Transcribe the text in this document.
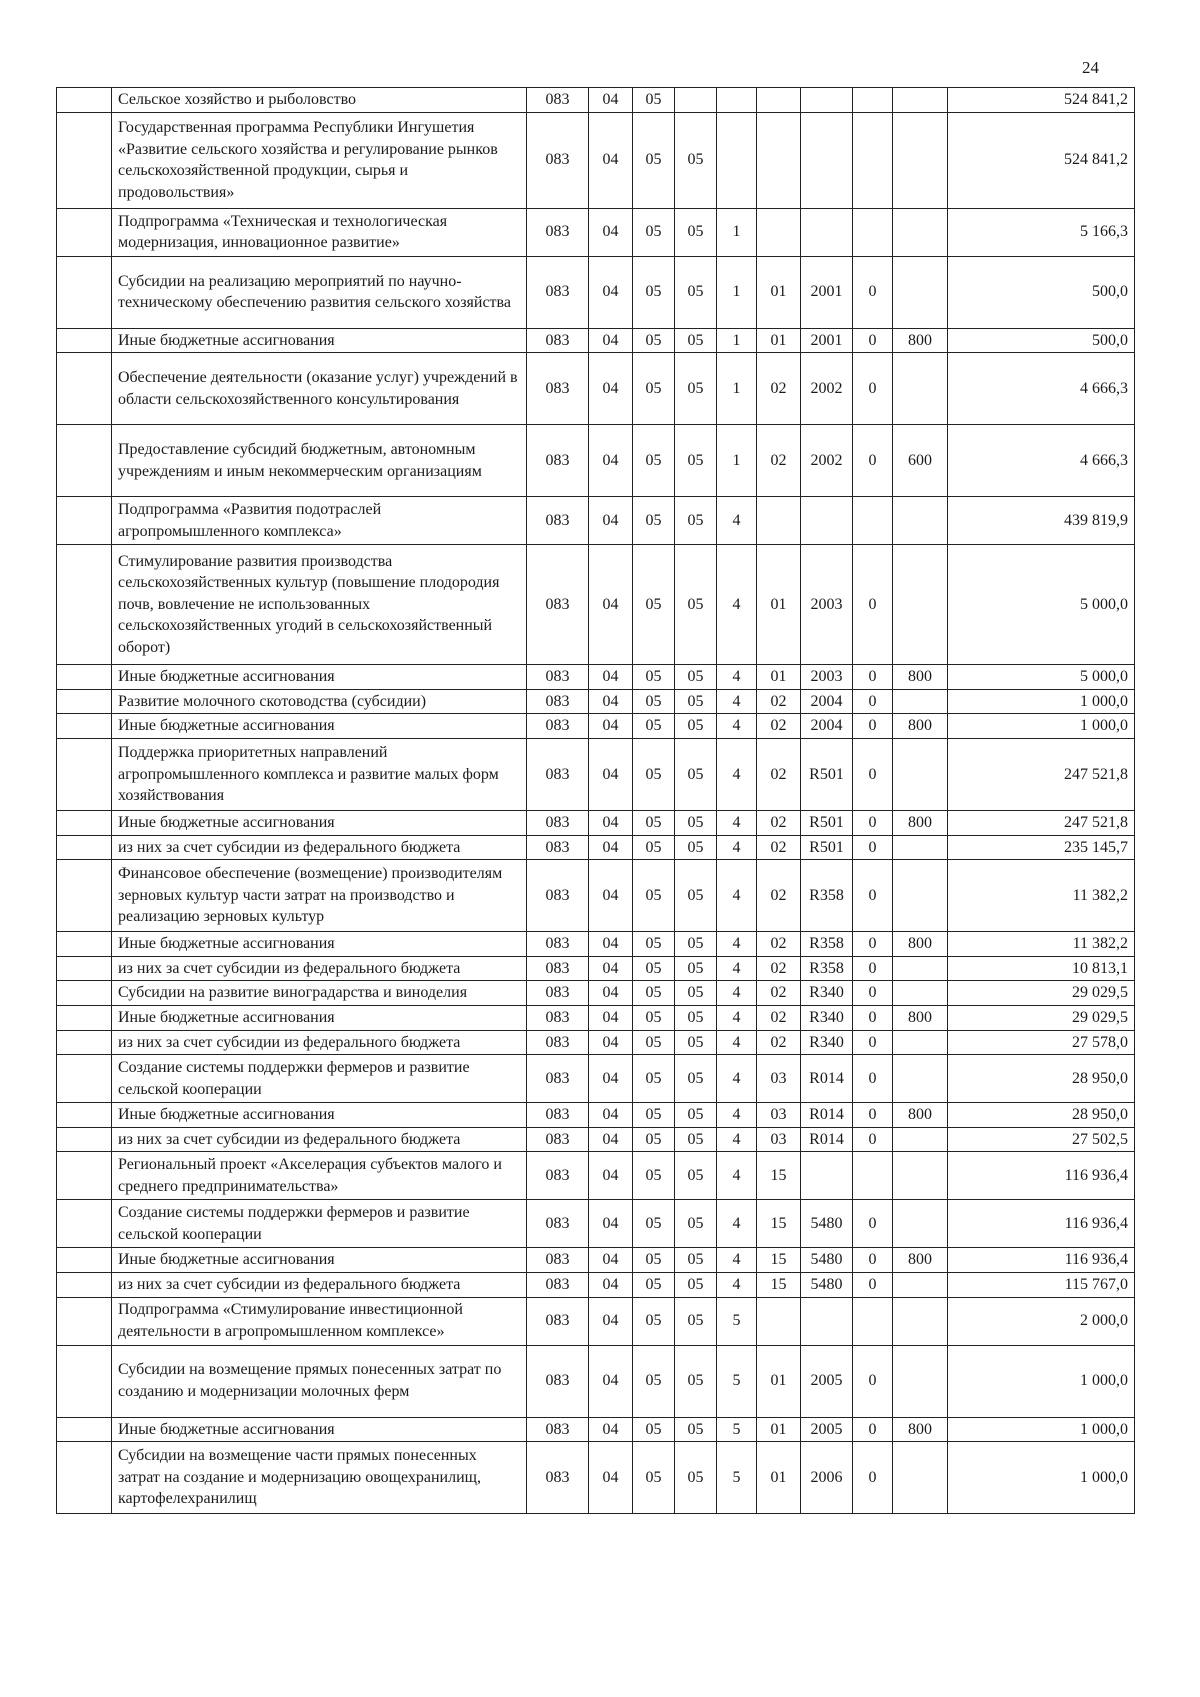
24
	Сельское хозяйство и рыболовство	083	04	05							524 841,2
	Государственная программа Республики Ингушетия «Развитие сельского хозяйства и регулирование рынков сельскохозяйственной продукции, сырья и продовольствия»	083	04	05	05						524 841,2
	Подпрограмма «Техническая и технологическая модернизация, инновационное развитие»	083	04	05	05	1					5 166,3
	Субсидии на реализацию мероприятий по научно-техническому обеспечению развития сельского хозяйства	083	04	05	05	1	01	2001	0		500,0
	Иные бюджетные ассигнования	083	04	05	05	1	01	2001	0	800	500,0
	Обеспечение деятельности (оказание услуг) учреждений в области сельскохозяйственного консультирования	083	04	05	05	1	02	2002	0		4 666,3
	Предоставление субсидий бюджетным, автономным учреждениям и иным некоммерческим организациям	083	04	05	05	1	02	2002	0	600	4 666,3
	Подпрограмма «Развития подотраслей агропромышленного комплекса»	083	04	05	05	4					439 819,9
	Стимулирование развития производства сельскохозяйственных культур (повышение плодородия почв, вовлечение не использованных сельскохозяйственных угодий в сельскохозяйственный оборот)	083	04	05	05	4	01	2003	0		5 000,0
	Иные бюджетные ассигнования	083	04	05	05	4	01	2003	0	800	5 000,0
	Развитие молочного скотоводства (субсидии)	083	04	05	05	4	02	2004	0		1 000,0
	Иные бюджетные ассигнования	083	04	05	05	4	02	2004	0	800	1 000,0
	Поддержка приоритетных направлений агропромышленного комплекса и развитие малых форм хозяйствования	083	04	05	05	4	02	R501	0		247 521,8
	Иные бюджетные ассигнования	083	04	05	05	4	02	R501	0	800	247 521,8
	из них за счет субсидии из федерального бюджета	083	04	05	05	4	02	R501	0		235 145,7
	Финансовое обеспечение (возмещение) производителям зерновых культур части затрат на производство и реализацию зерновых культур	083	04	05	05	4	02	R358	0		11 382,2
	Иные бюджетные ассигнования	083	04	05	05	4	02	R358	0	800	11 382,2
	из них за счет субсидии из федерального бюджета	083	04	05	05	4	02	R358	0		10 813,1
	Субсидии на развитие виноградарства и виноделия	083	04	05	05	4	02	R340	0		29 029,5
	Иные бюджетные ассигнования	083	04	05	05	4	02	R340	0	800	29 029,5
	из них за счет субсидии из федерального бюджета	083	04	05	05	4	02	R340	0		27 578,0
	Создание системы поддержки фермеров и развитие сельской кооперации	083	04	05	05	4	03	R014	0		28 950,0
	Иные бюджетные ассигнования	083	04	05	05	4	03	R014	0	800	28 950,0
	из них за счет субсидии из федерального бюджета	083	04	05	05	4	03	R014	0		27 502,5
	Региональный проект «Акселерация субъектов малого и среднего предпринимательства»	083	04	05	05	4	15				116 936,4
	Создание системы поддержки фермеров и развитие сельской кооперации	083	04	05	05	4	15	5480	0		116 936,4
	Иные бюджетные ассигнования	083	04	05	05	4	15	5480	0	800	116 936,4
	из них за счет субсидии из федерального бюджета	083	04	05	05	4	15	5480	0		115 767,0
	Подпрограмма «Стимулирование инвестиционной деятельности в агропромышленном комплексе»	083	04	05	05	5					2 000,0
	Субсидии на возмещение прямых понесенных затрат по созданию и модернизации молочных ферм	083	04	05	05	5	01	2005	0		1 000,0
	Иные бюджетные ассигнования	083	04	05	05	5	01	2005	0	800	1 000,0
	Субсидии на возмещение части прямых понесенных затрат на создание и модернизацию овощехранилищ, картофелехранилищ	083	04	05	05	5	01	2006	0		1 000,0
